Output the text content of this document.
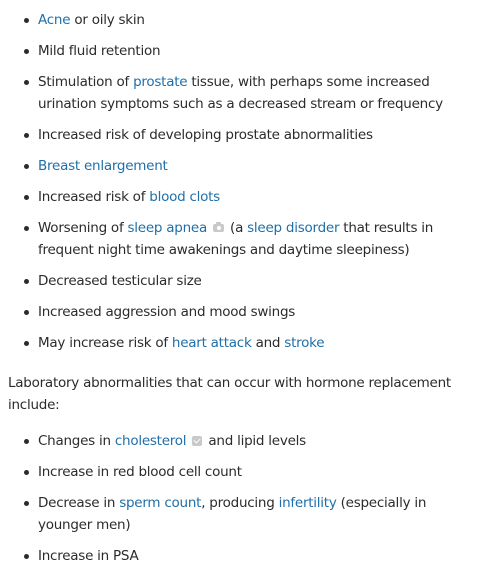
Acne or oily skin
Mild fluid retention
Stimulation of prostate tissue, with perhaps some increased urination symptoms such as a decreased stream or frequency
Increased risk of developing prostate abnormalities
Breast enlargement
Increased risk of blood clots
Worsening of sleep apnea  (a sleep disorder that results in frequent night time awakenings and daytime sleepiness)
Decreased testicular size
Increased aggression and mood swings
May increase risk of heart attack and stroke

Laboratory abnormalities that can occur with hormone replacement include:

Changes in cholesterol  and lipid levels
Increase in red blood cell count
Decrease in sperm count, producing infertility (especially in younger men)
Increase in PSA
